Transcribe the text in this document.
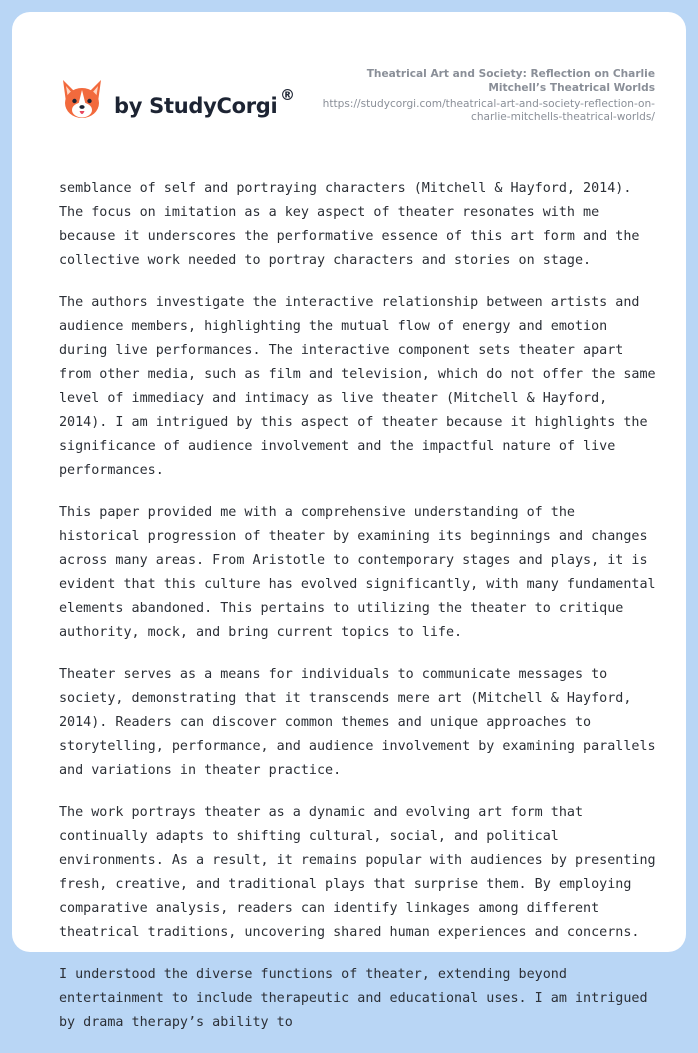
by StudyCorgi ®
Theatrical Art and Society: Reflection on Charlie Mitchell’s Theatrical Worlds
https://studycorgi.com/theatrical-art-and-society-reflection-on-charlie-mitchells-theatrical-worlds/

semblance of self and portraying characters (Mitchell & Hayford, 2014). The focus on imitation as a key aspect of theater resonates with me because it underscores the performative essence of this art form and the collective work needed to portray characters and stories on stage.

The authors investigate the interactive relationship between artists and audience members, highlighting the mutual flow of energy and emotion during live performances. The interactive component sets theater apart from other media, such as film and television, which do not offer the same level of immediacy and intimacy as live theater (Mitchell & Hayford, 2014). I am intrigued by this aspect of theater because it highlights the significance of audience involvement and the impactful nature of live performances.

This paper provided me with a comprehensive understanding of the historical progression of theater by examining its beginnings and changes across many areas. From Aristotle to contemporary stages and plays, it is evident that this culture has evolved significantly, with many fundamental elements abandoned. This pertains to utilizing the theater to critique authority, mock, and bring current topics to life.

Theater serves as a means for individuals to communicate messages to society, demonstrating that it transcends mere art (Mitchell & Hayford, 2014). Readers can discover common themes and unique approaches to storytelling, performance, and audience involvement by examining parallels and variations in theater practice.

The work portrays theater as a dynamic and evolving art form that continually adapts to shifting cultural, social, and political environments. As a result, it remains popular with audiences by presenting fresh, creative, and traditional plays that surprise them. By employing comparative analysis, readers can identify linkages among different theatrical traditions, uncovering shared human experiences and concerns.

I understood the diverse functions of theater, extending beyond entertainment to include therapeutic and educational uses. I am intrigued by drama therapy’s ability to
